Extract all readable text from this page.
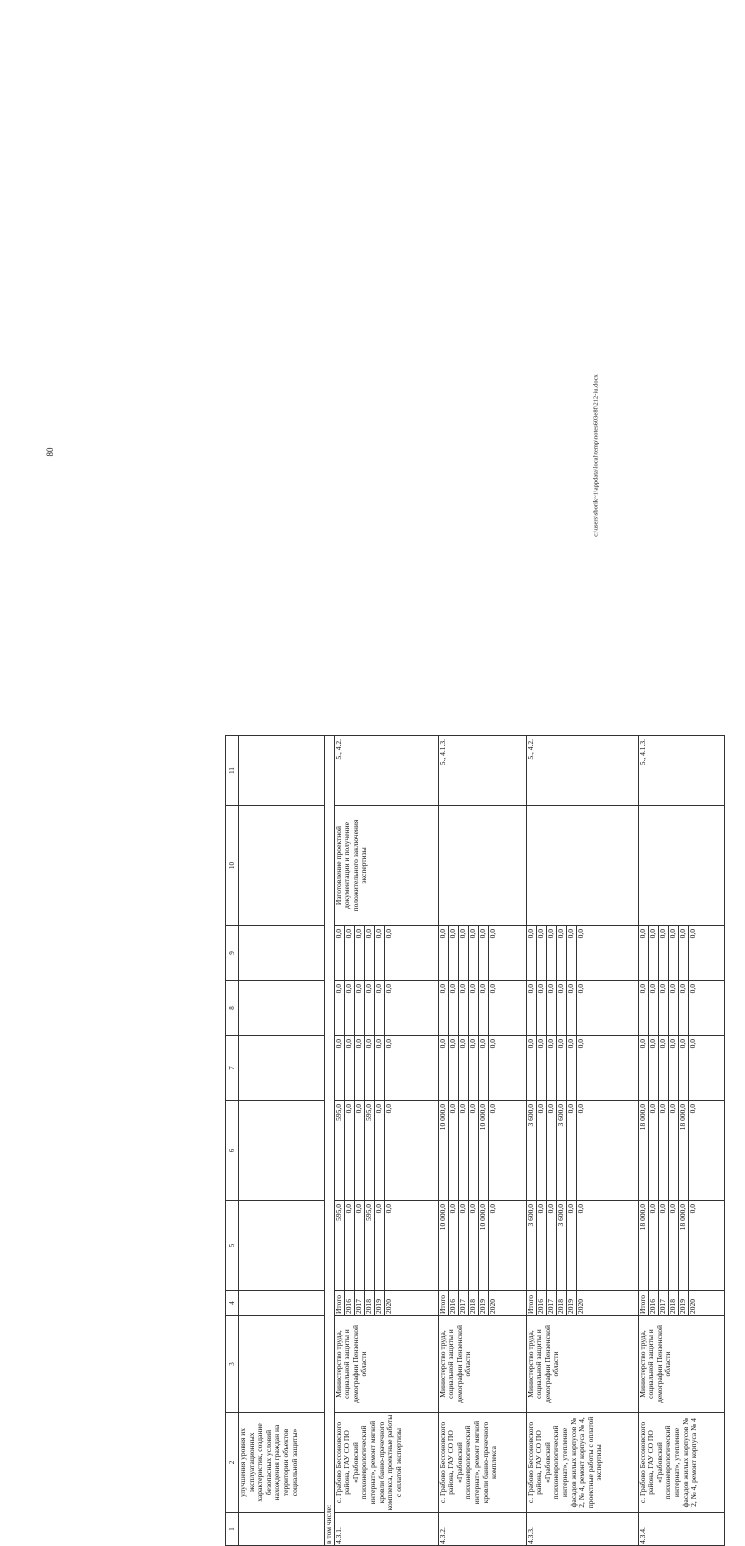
80	c:\users\sborik~1\appdata\local\temp\notes603e8f\212-iu.docx
1	2	3	4	5	6	7	8	9	10	11
	улучшения уровня их эксплуатационных характеристик, создание безопасных условий нахождения граждан на территории объектов социальной защиты»									
в том числе:										
4.3.1.	с. Грабово Бессоновского района, ГАУ СО ПО «Грабовский психоневрологический интернат», ремонт мягкой кровли банно-прачечного комплекса, проектные работы с оплатой экспертизы	Министерство труда, социальной защиты и демографии Пензенской области	Итого	595,0	595,0	0,0	0,0	0,0	Изготовление проектной документации и получение положительного заключения экспертизы	5., 4.2.
			2016	0,0	0,0	0,0	0,0	0,0		
			2017	0,0	0,0	0,0	0,0	0,0		
			2018	595,0	595,0	0,0	0,0	0,0		
			2019	0,0	0,0	0,0	0,0	0,0		
			2020	0,0	0,0	0,0	0,0	0,0		
4.3.2.	с. Грабово Бессоновского района, ГАУ СО ПО «Грабовский психоневрологический интернат», ремонт мягкой кровли банно-прачечного комплекса	Министерство труда, социальной защиты и демографии Пензенской области	Итого	10 000,0	10 000,0	0,0	0,0	0,0		5., 4.1.3.
			2016	0,0	0,0	0,0	0,0	0,0		
			2017	0,0	0,0	0,0	0,0	0,0		
			2018	0,0	0,0	0,0	0,0	0,0		
			2019	10 000,0	10 000,0	0,0	0,0	0,0		
			2020	0,0	0,0	0,0	0,0	0,0		
4.3.3.	с. Грабово Бессоновского района, ГАУ СО ПО «Грабовский психоневрологический интернат», утепление фасадов жилых корпусов № 2, № 4, ремонт корпуса № 4, проектные работы с оплатой экспертизы	Министерство труда, социальной защиты и демографии Пензенской области	Итого	3 600,0	3 600,0	0,0	0,0	0,0		5., 4.2.
			2016	0,0	0,0	0,0	0,0	0,0		
			2017	0,0	0,0	0,0	0,0	0,0		
			2018	3 600,0	3 600,0	0,0	0,0	0,0		
			2019	0,0	0,0	0,0	0,0	0,0		
			2020	0,0	0,0	0,0	0,0	0,0		
4.3.4.	с. Грабово Бессоновского района, ГАУ СО ПО «Грабовский психоневрологический интернат», утепление фасадов жилых корпусов № 2, № 4, ремонт корпуса № 4	Министерство труда, социальной защиты и демографии Пензенской области	Итого	18 000,0	18 000,0	0,0	0,0	0,0		5., 4.1.3.
			2016	0,0	0,0	0,0	0,0	0,0		
			2017	0,0	0,0	0,0	0,0	0,0		
			2018	0,0	0,0	0,0	0,0	0,0		
			2019	18 000,0	18 000,0	0,0	0,0	0,0		
			2020	0,0	0,0	0,0	0,0	0,0		
